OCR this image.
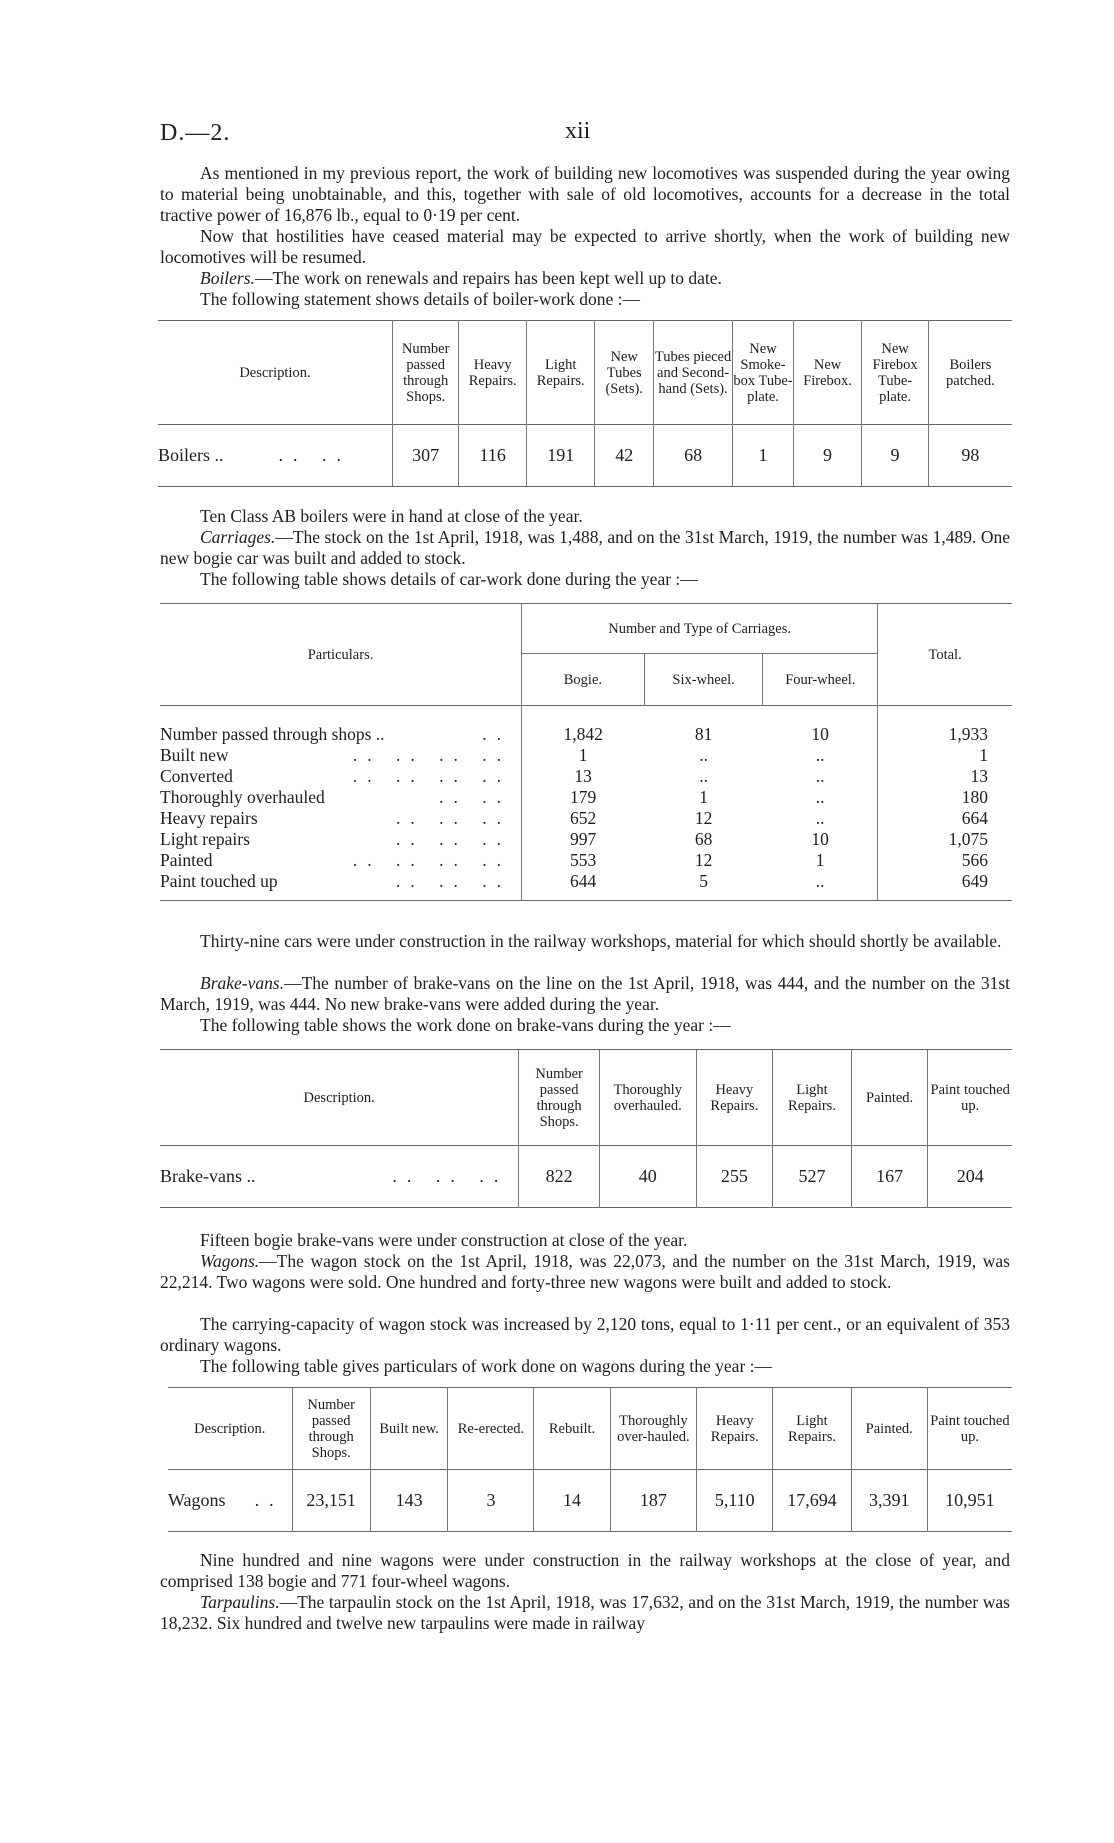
D.—2.	xii
As mentioned in my previous report, the work of building new locomotives was suspended during the year owing to material being unobtainable, and this, together with sale of old locomotives, accounts for a decrease in the total tractive power of 16,876 lb., equal to 0·19 per cent.
Now that hostilities have ceased material may be expected to arrive shortly, when the work of building new locomotives will be resumed.
Boilers.—The work on renewals and repairs has been kept well up to date.
The following statement shows details of boiler-work done :—
Description.	Number passed through Shops.	Heavy Repairs.	Light Repairs.	New Tubes (Sets).	Tubes pieced and Second-hand (Sets).	New Smoke-box Tube-plate.	New Firebox.	New Firebox Tube-plate.	Boilers patched.
Boilers .. .. ..	307	116	191	42	68	1	9	9	98
Ten Class AB boilers were in hand at close of the year.
Carriages.—The stock on the 1st April, 1918, was 1,488, and on the 31st March, 1919, the number was 1,489. One new bogie car was built and added to stock.
The following table shows details of car-work done during the year :—
Particulars.	Number and Type of Carriages.			Total.
	Bogie.	Six-wheel.	Four-wheel.	

Number passed through shops .. ..	1,842	81	10	1,933
Built new .. .. .. ..	1	..	..	1
Converted .. .. .. ..	13	..	..	13
Thoroughly overhauled .. ..	179	1	..	180
Heavy repairs .. .. ..	652	12	..	664
Light repairs .. .. ..	997	68	10	1,075
Painted .. .. .. ..	553	12	1	566
Paint touched up .. .. ..	644	5	..	649
Thirty-nine cars were under construction in the railway workshops, material for which should shortly be available.
Brake-vans.—The number of brake-vans on the line on the 1st April, 1918, was 444, and the number on the 31st March, 1919, was 444. No new brake-vans were added during the year.
The following table shows the work done on brake-vans during the year :—
Description.	Number passed through Shops.	Thoroughly overhauled.	Heavy Repairs.	Light Repairs.	Painted.	Paint touched up.
Brake-vans .. .. .. ..	822	40	255	527	167	204
Fifteen bogie brake-vans were under construction at close of the year.
Wagons.—The wagon stock on the 1st April, 1918, was 22,073, and the number on the 31st March, 1919, was 22,214. Two wagons were sold. One hundred and forty-three new wagons were built and added to stock.
The carrying-capacity of wagon stock was increased by 2,120 tons, equal to 1·11 per cent., or an equivalent of 353 ordinary wagons.
The following table gives particulars of work done on wagons during the year :—
Description.	Number passed through Shops.	Built new.	Re-erected.	Rebuilt.	Thoroughly over-hauled.	Heavy Repairs.	Light Repairs.	Painted.	Paint touched up.
Wagons ..	23,151	143	3	14	187	5,110	17,694	3,391	10,951
Nine hundred and nine wagons were under construction in the railway workshops at the close of year, and comprised 138 bogie and 771 four-wheel wagons.
Tarpaulins.—The tarpaulin stock on the 1st April, 1918, was 17,632, and on the 31st March, 1919, the number was 18,232. Six hundred and twelve new tarpaulins were made in railway
